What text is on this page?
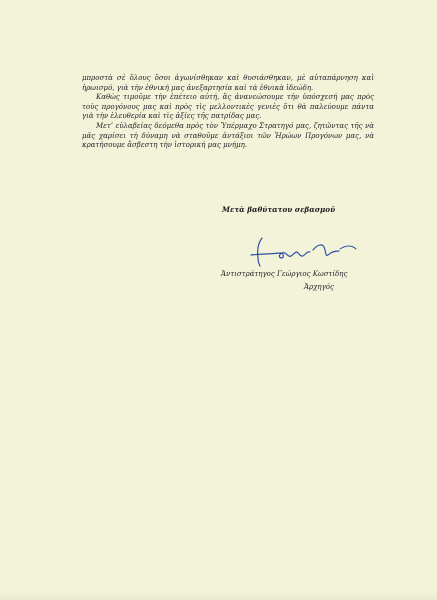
μπροστὰ σὲ ὅλους ὅσοι ἀγωνίσθηκαν καὶ θυσιάσθηκαν, μὲ αὐταπάρνηση καὶ ἡρωισμό, γιὰ τὴν ἐθνική μας ἀνεξαρτησία καὶ τὰ ἐθνικὰ ἰδεώδη.

Καθὼς τιμοῦμε τὴν ἐπέτειο αὐτή, ἂς ἀνανεώσουμε τὴν ὑπόσχεσή μας πρὸς τοὺς προγόνους μας καὶ πρὸς τὶς μελλοντικὲς γενιὲς ὅτι θὰ παλεύουμε πάντα γιὰ τὴν ἐλευθερία καὶ τὶς ἀξίες τῆς πατρίδας μας.

Μετ’ εὐλαβείας δεόμεθα πρὸς τὸν Ὑπέρμαχο Στρατηγό μας, ζητῶντας τῆς νὰ μᾶς χαρίσει τὴ δύναμη νὰ σταθοῦμε ἀντάξιοι τῶν Ἡρώων Προγόνων μας, νὰ κρατήσουμε ἄσβεστη τὴν ἱστορική μας μνήμη.

Μετὰ βαθύτατου σεβασμοῦ
Ἀντιστράτηγος Γεώργιος Κωστίδης
Ἀρχηγός
